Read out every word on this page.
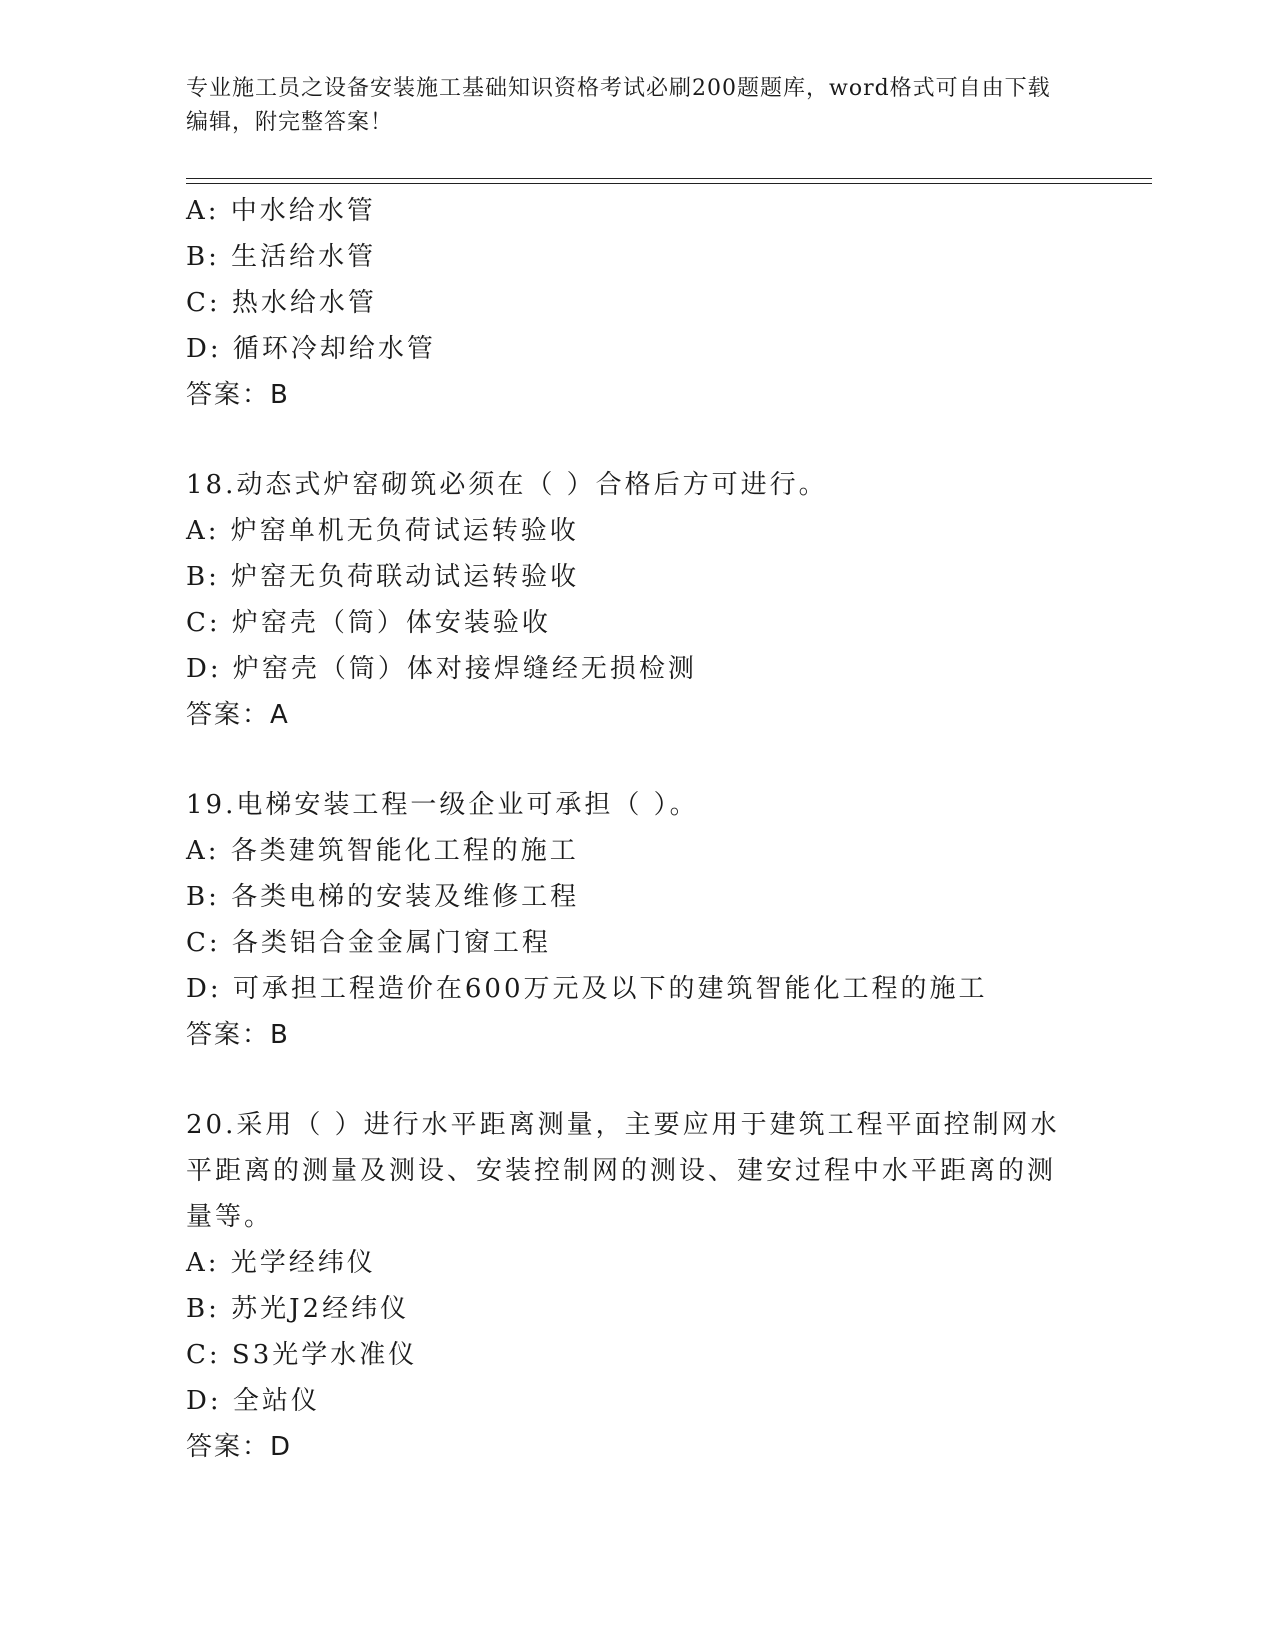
专业施工员之设备安装施工基础知识资格考试必刷200题题库，word格式可自由下载编辑，附完整答案！
A: 中水给水管
B: 生活给水管
C: 热水给水管
D: 循环冷却给水管
答案：B
18.动态式炉窑砌筑必须在（ ）合格后方可进行。
A: 炉窑单机无负荷试运转验收
B: 炉窑无负荷联动试运转验收
C: 炉窑壳（筒）体安装验收
D: 炉窑壳（筒）体对接焊缝经无损检测
答案：A
19.电梯安装工程一级企业可承担（ ）。
A: 各类建筑智能化工程的施工
B: 各类电梯的安装及维修工程
C: 各类铝合金金属门窗工程
D: 可承担工程造价在600万元及以下的建筑智能化工程的施工
答案：B
20.采用（ ）进行水平距离测量，主要应用于建筑工程平面控制网水平距离的测量及测设、安装控制网的测设、建安过程中水平距离的测量等。
A: 光学经纬仪
B: 苏光J2经纬仪
C: S3光学水准仪
D: 全站仪
答案：D
